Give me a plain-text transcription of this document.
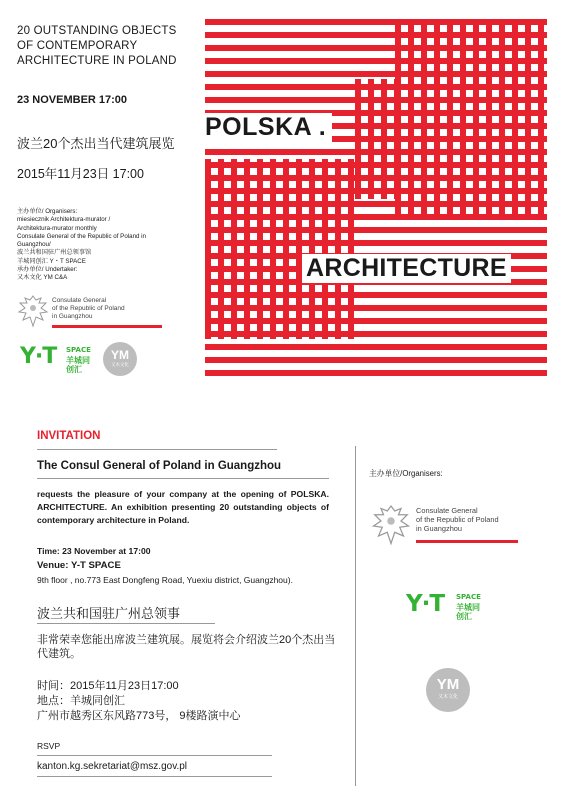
20 OUTSTANDING OBJECTS
OF CONTEMPORARY
ARCHITECTURE IN POLAND
23 NOVEMBER 17:00
波兰20个杰出当代建筑展览
2015年11月23日 17:00
主办单位/ Organisers:
miesiecznik Architektura-murator /
Architektura-murator monthly
Consulate General of the Republic of Poland in
Guangzhou/
波兰共和国驻广州总领事馆
羊城同创汇 Y・T SPACE
承办单位/ Undertaker:
又木文化 YM C&A
Consulate General
of the Republic of Poland
in Guangzhou
Y·T SPACE
羊城同创汇
YM
又木文化
POLSKA .
ARCHITECTURE
INVITATION
The Consul General of Poland in Guangzhou
requests the pleasure of your company at the opening of POLSKA. ARCHITECTURE. An exhibition presenting 20 outstanding objects of contemporary architecture in Poland.
Time: 23 November at 17:00
Venue: Y-T SPACE
9th floor , no.773 East Dongfeng Road, Yuexiu district, Guangzhou).
波兰共和国驻广州总领事
非常荣幸您能出席波兰建筑展。展览将会介绍波兰20个杰出当代建筑。
时间：2015年11月23日17:00
地点：羊城同创汇
广州市越秀区东风路773号， 9楼路演中心
RSVP
kanton.kg.sekretariat@msz.gov.pl
主办单位/Organisers:
Consulate General
of the Republic of Poland
in Guangzhou
Y·T SPACE
羊城同创汇
YM
又木文化
